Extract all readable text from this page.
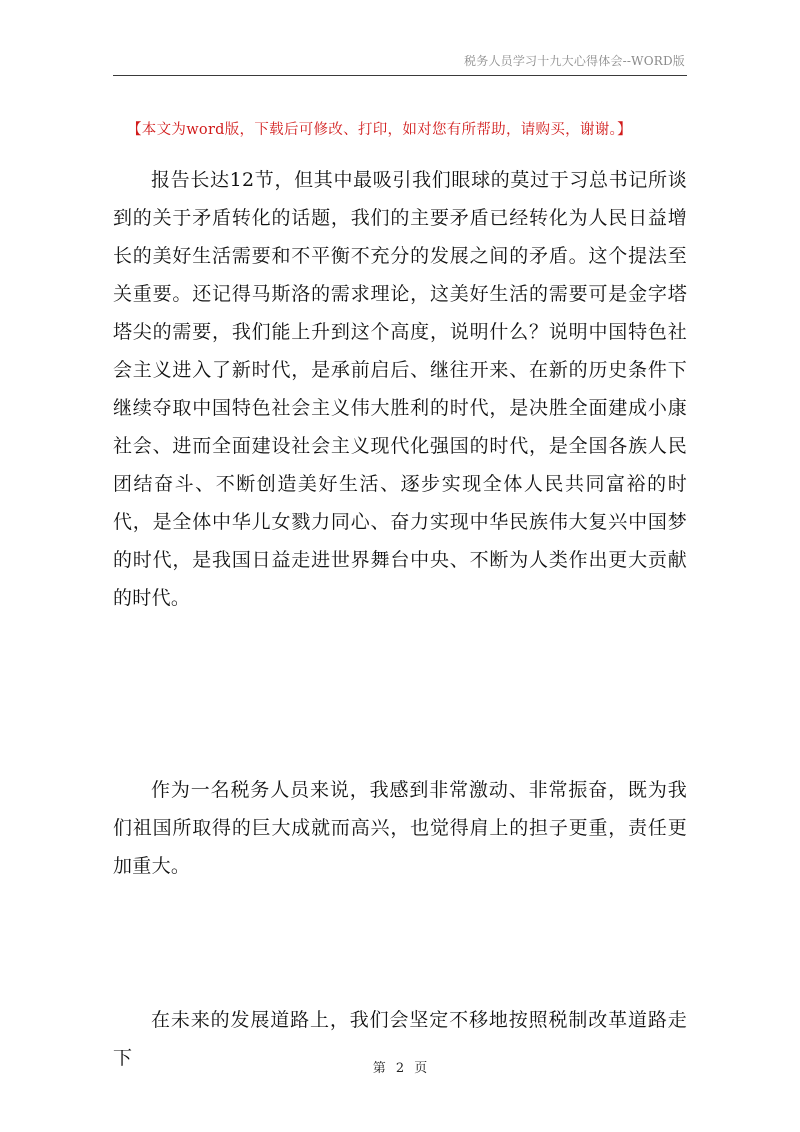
税务人员学习十九大心得体会--WORD版
【本文为word版，下载后可修改、打印，如对您有所帮助，请购买，谢谢。】

报告长达12节，但其中最吸引我们眼球的莫过于习总书记所谈到的关于矛盾转化的话题，我们的主要矛盾已经转化为人民日益增长的美好生活需要和不平衡不充分的发展之间的矛盾。这个提法至关重要。还记得马斯洛的需求理论，这美好生活的需要可是金字塔塔尖的需要，我们能上升到这个高度，说明什么？说明中国特色社会主义进入了新时代，是承前启后、继往开来、在新的历史条件下继续夺取中国特色社会主义伟大胜利的时代，是决胜全面建成小康社会、进而全面建设社会主义现代化强国的时代，是全国各族人民团结奋斗、不断创造美好生活、逐步实现全体人民共同富裕的时代，是全体中华儿女戮力同心、奋力实现中华民族伟大复兴中国梦的时代，是我国日益走进世界舞台中央、不断为人类作出更大贡献的时代。

作为一名税务人员来说，我感到非常激动、非常振奋，既为我们祖国所取得的巨大成就而高兴，也觉得肩上的担子更重，责任更加重大。

在未来的发展道路上，我们会坚定不移地按照税制改革道路走下	第 2 页
